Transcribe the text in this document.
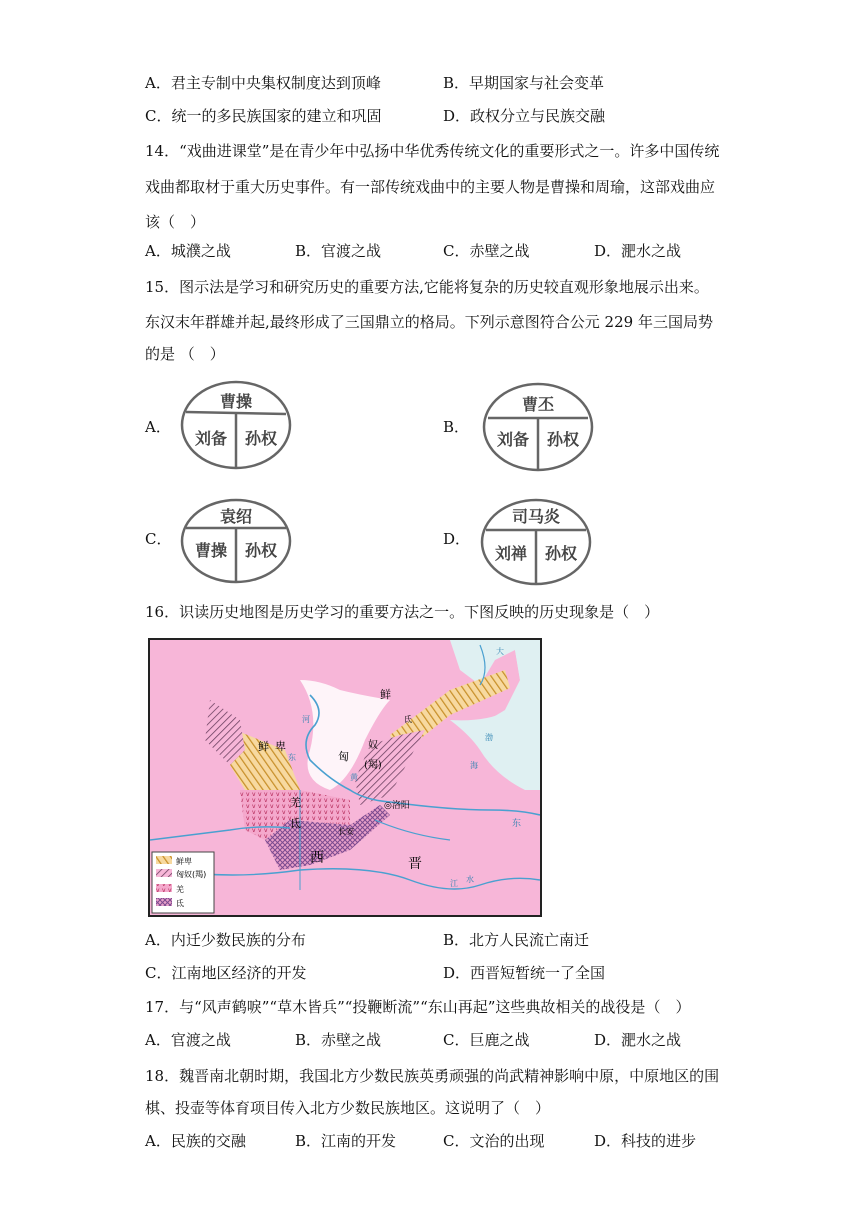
A．君主专制中央集权制度达到顶峰	B．早期国家与社会变革
C．统一的多民族国家的建立和巩固	D．政权分立与民族交融
14．“戏曲进课堂”是在青少年中弘扬中华优秀传统文化的重要形式之一。许多中国传统
戏曲都取材于重大历史事件。有一部传统戏曲中的主要人物是曹操和周瑜，这部戏曲应
该（　）
A．城濮之战	B．官渡之战	C．赤壁之战	D．淝水之战
15．图示法是学习和研究历史的重要方法,它能将复杂的历史较直观形象地展示出来。
东汉末年群雄并起,最终形成了三国鼎立的格局。下列示意图符合公元 229 年三国局势
的是 （　）
A．
曹操
刘备 孙权
B．
曹丕
刘备 孙权
C．
袁绍
曹操 孙权
D．
司马炎
刘禅 孙权
16．识读历史地图是历史学习的重要方法之一。下图反映的历史现象是（　）
鲜
鲜 卑
匈
奴
(羯)
羌
氐
氐
◎洛阳
长安
西	晋
河
东
黄
渤
海
东
江 水
大
鲜卑
匈奴(羯)
羌
氐
A．内迁少数民族的分布	B．北方人民流亡南迁
C．江南地区经济的开发	D．西晋短暂统一了全国
17．与“风声鹤唳”“草木皆兵”“投鞭断流”“东山再起”这些典故相关的战役是（　）
A．官渡之战	B．赤壁之战	C．巨鹿之战	D．淝水之战
18．魏晋南北朝时期，我国北方少数民族英勇顽强的尚武精神影响中原，中原地区的围
棋、投壶等体育项目传入北方少数民族地区。这说明了（　）
A．民族的交融	B．江南的开发	C．文治的出现	D．科技的进步
